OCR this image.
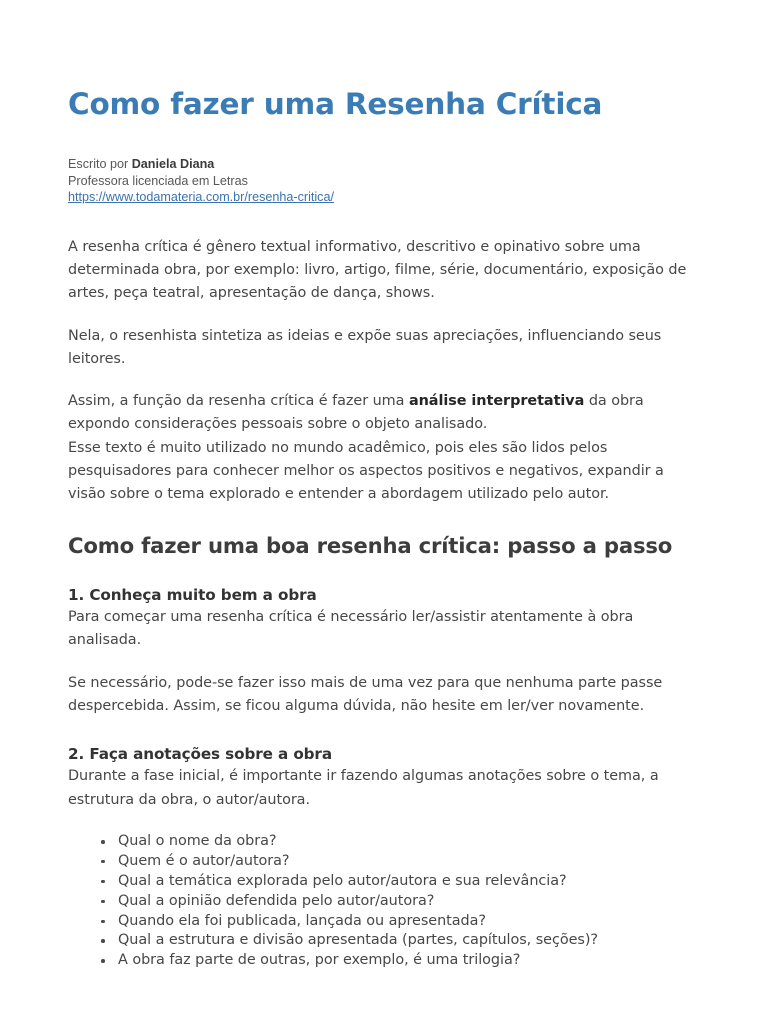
Como fazer uma Resenha Crítica
Escrito por Daniela Diana
Professora licenciada em Letras
https://www.todamateria.com.br/resenha-critica/

A resenha crítica é gênero textual informativo, descritivo e opinativo sobre uma determinada obra, por exemplo: livro, artigo, filme, série, documentário, exposição de artes, peça teatral, apresentação de dança, shows.

Nela, o resenhista sintetiza as ideias e expõe suas apreciações, influenciando seus leitores.

Assim, a função da resenha crítica é fazer uma análise interpretativa da obra expondo considerações pessoais sobre o objeto analisado.

Esse texto é muito utilizado no mundo acadêmico, pois eles são lidos pelos pesquisadores para conhecer melhor os aspectos positivos e negativos, expandir a visão sobre o tema explorado e entender a abordagem utilizado pelo autor.

Como fazer uma boa resenha crítica: passo a passo
1. Conheça muito bem a obra

Para começar uma resenha crítica é necessário ler/assistir atentamente à obra analisada.

Se necessário, pode-se fazer isso mais de uma vez para que nenhuma parte passe despercebida. Assim, se ficou alguma dúvida, não hesite em ler/ver novamente.

2. Faça anotações sobre a obra

Durante a fase inicial, é importante ir fazendo algumas anotações sobre o tema, a estrutura da obra, o autor/autora.

Qual o nome da obra?
Quem é o autor/autora?
Qual a temática explorada pelo autor/autora e sua relevância?
Qual a opinião defendida pelo autor/autora?
Quando ela foi publicada, lançada ou apresentada?
Qual a estrutura e divisão apresentada (partes, capítulos, seções)?
A obra faz parte de outras, por exemplo, é uma trilogia?
